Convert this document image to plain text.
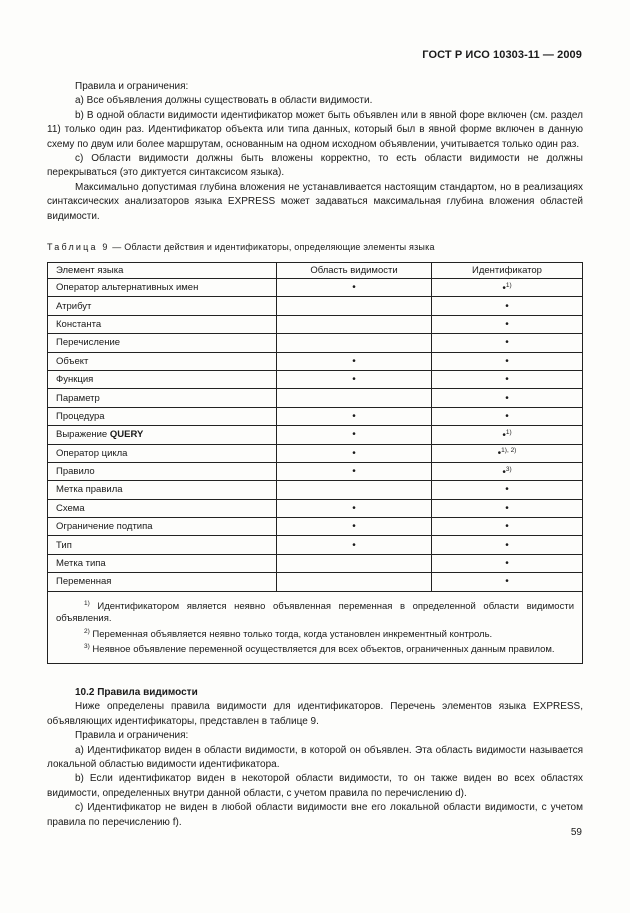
ГОСТ Р ИСО 10303-11 — 2009

Правила и ограничения:

a) Все объявления должны существовать в области видимости.

b) В одной области видимости идентификатор может быть объявлен или в явной форе включен (см. раздел 11) только один раз. Идентификатор объекта или типа данных, который был в явной форме включен в данную схему по двум или более маршрутам, основанным на одном исходном объявлении, учитывается только один раз.

c) Области видимости должны быть вложены корректно, то есть области видимости не должны перекрываться (это диктуется синтаксисом языка).

Максимально допустимая глубина вложения не устанавливается настоящим стандартом, но в реализациях синтаксических анализаторов языка EXPRESS может задаваться максимальная глубина вложения областей видимости.

Таблица 9 — Области действия и идентификаторы, определяющие элементы языка
Элемент языка	Область видимости	Идентификатор
Оператор альтернативных имен	•	•$^{1)}$
Атрибут		•
Константа		•
Перечисление		•
Объект	•	•
Функция	•	•
Параметр		•
Процедура	•	•
Выражение QUERY	•	•$^{1)}$
Оператор цикла	•	•$^{1), 2)}$
Правило	•	•$^{3)}$
Метка правила		•
Схема	•	•
Ограничение подтипа	•	•
Тип	•	•
Метка типа		•
Переменная		•

$^{1)}$ Идентификатором является неявно объявленная переменная в определенной области видимости объявления.

$^{2)}$ Переменная объявляется неявно только тогда, когда установлен инкрементный контроль.

$^{3)}$ Неявное объявление переменной осуществляется для всех объектов, ограниченных данным правилом.		

10.2 Правила видимости

Ниже определены правила видимости для идентификаторов. Перечень элементов языка EXPRESS, объявляющих идентификаторы, представлен в таблице 9.

Правила и ограничения:

a) Идентификатор виден в области видимости, в которой он объявлен. Эта область видимости называется локальной областью видимости идентификатора.

b) Если идентификатор виден в некоторой области видимости, то он также виден во всех областях видимости, определенных внутри данной области, с учетом правила по перечислению d).

c) Идентификатор не виден в любой области видимости вне его локальной области видимости, с учетом правила по перечислению f).

59
